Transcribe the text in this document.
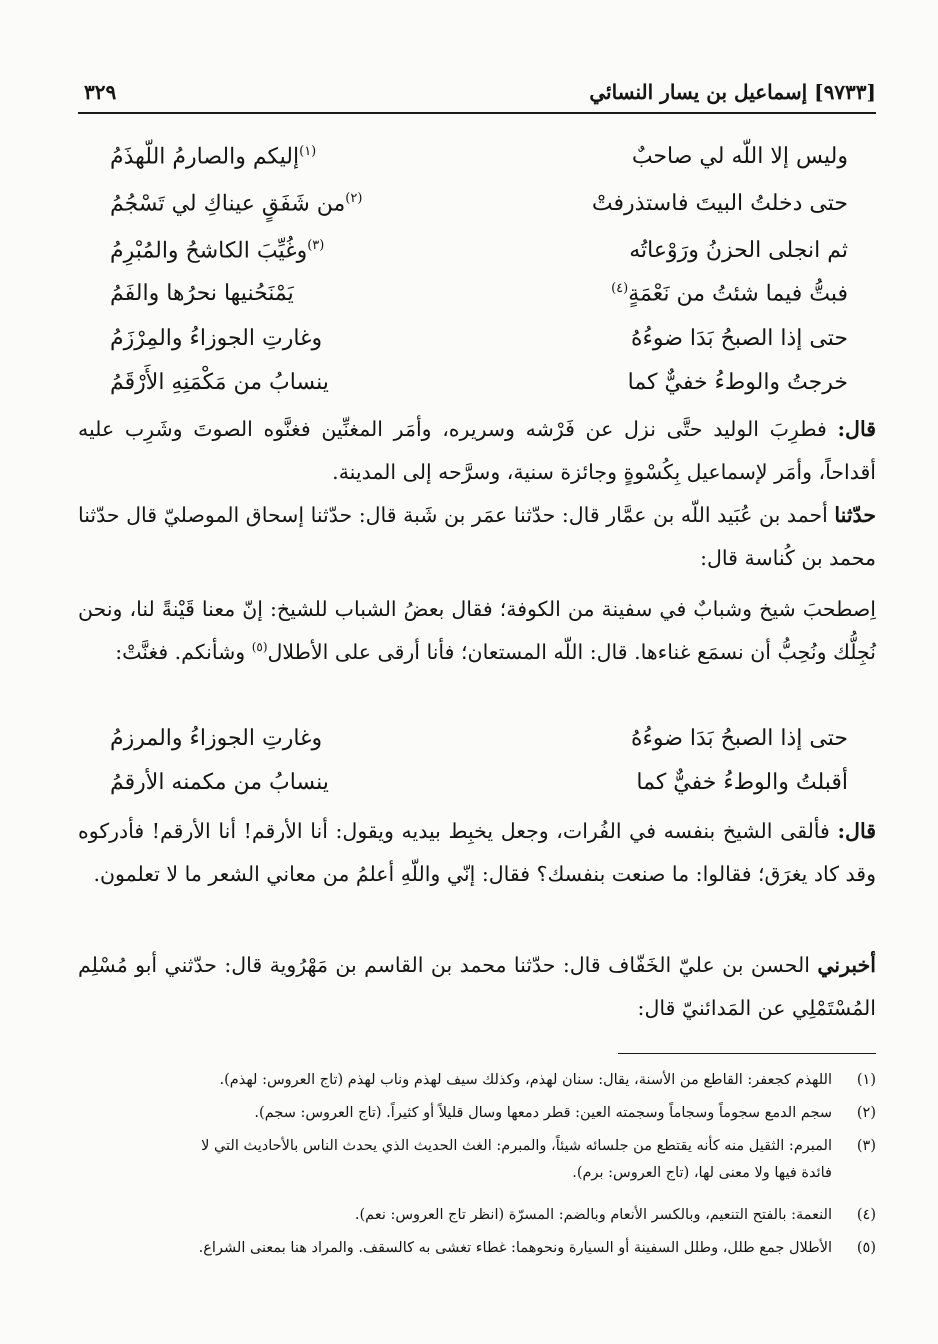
[٩٧٣٣] إسماعيل بن يسار النسائي
٣٢٩
وليس إلا اللّه لي صاحبٌ
$^{(١)}$إليكم والصارمُ اللّهذَمُ
حتى دخلتُ البيتَ فاستذرفتْ
$^{(٢)}$من شَفَقٍ عيناكِ لي تَسْجُمُ
ثم انجلى الحزنُ ورَوْعاتُه
$^{(٣)}$وغُيِّبَ الكاشحُ والمُبْرِمُ
فبتُّ فيما شئتُ من نَعْمَةٍ$^{(٤)}$
يَمْنَحُنيها نحرُها والفَمُ
حتى إذا الصبحُ بَدَا ضوءُهُ
وغارتِ الجوزاءُ والمِرْزَمُ
خرجتُ والوطءُ خفيٌّ كما
ينسابُ من مَكْمَنِهِ الأَرْقَمُ
قال: فطرِبَ الوليد حتَّى نزل عن فَرْشه وسريره، وأمَر المغنِّين فغنَّوه الصوتَ وشَرِب عليه أقداحاً، وأمَر لإسماعيل بِكُسْوةٍ وجائزة سنية، وسرَّحه إلى المدينة.
حدّثنا أحمد بن عُبَيد اللّه بن عمَّار قال: حدّثنا عمَر بن شَبة قال: حدّثنا إسحاق الموصليّ قال حدّثنا محمد بن كُناسة قال:
اِصطحبَ شيخ وشبابٌ في سفينة من الكوفة؛ فقال بعضُ الشباب للشيخ: إنّ معنا قَيْنةً لنا، ونحن نُجِلُّك ونُحِبُّ أن نسمَع غناءها. قال: اللّه المستعان؛ فأنا أرقى على الأطلال$^{(٥)}$ وشأنكم. فغنَّتْ:
حتى إذا الصبحُ بَدَا ضوءُهُ
وغارتِ الجوزاءُ والمرزمُ
أقبلتُ والوطءُ خفيٌّ كما
ينسابُ من مكمنه الأرقمُ
قال: فألقى الشيخ بنفسه في الفُرات، وجعل يخبِط بيديه ويقول: أنا الأرقم! أنا الأرقم! فأدركوه وقد كاد يغرَق؛ فقالوا: ما صنعت بنفسك؟ فقال: إنّي واللّهِ أعلمُ من معاني الشعر ما لا تعلمون.
أخبرني الحسن بن عليّ الخَفّاف قال: حدّثنا محمد بن القاسم بن مَهْرُوية قال: حدّثني أبو مُسْلِم المُسْتَمْلِي عن المَدائنيّ قال:
(١)
اللهذم كجعفر: القاطع من الأسنة، يقال: سنان لهذم، وكذلك سيف لهذم وناب لهذم (تاج العروس: لهذم).
(٢)
سجم الدمع سجوماً وسجاماً وسجمته العين: قطر دمعها وسال قليلاً أو كثيراً. (تاج العروس: سجم).
(٣)
المبرم: الثقيل منه كأنه يقتطع من جلسائه شيئاً، والمبرم: الغث الحديث الذي يحدث الناس بالأحاديث التي لا
فائدة فيها ولا معنى لها، (تاج العروس: برم).
(٤)
النعمة: بالفتح التنعيم، وبالكسر الأنعام وبالضم: المسرّة (انظر تاج العروس: نعم).
(٥)
الأطلال جمع طلل، وطلل السفينة أو السيارة ونحوهما: غطاء تغشى به كالسقف. والمراد هنا بمعنى الشراع.
